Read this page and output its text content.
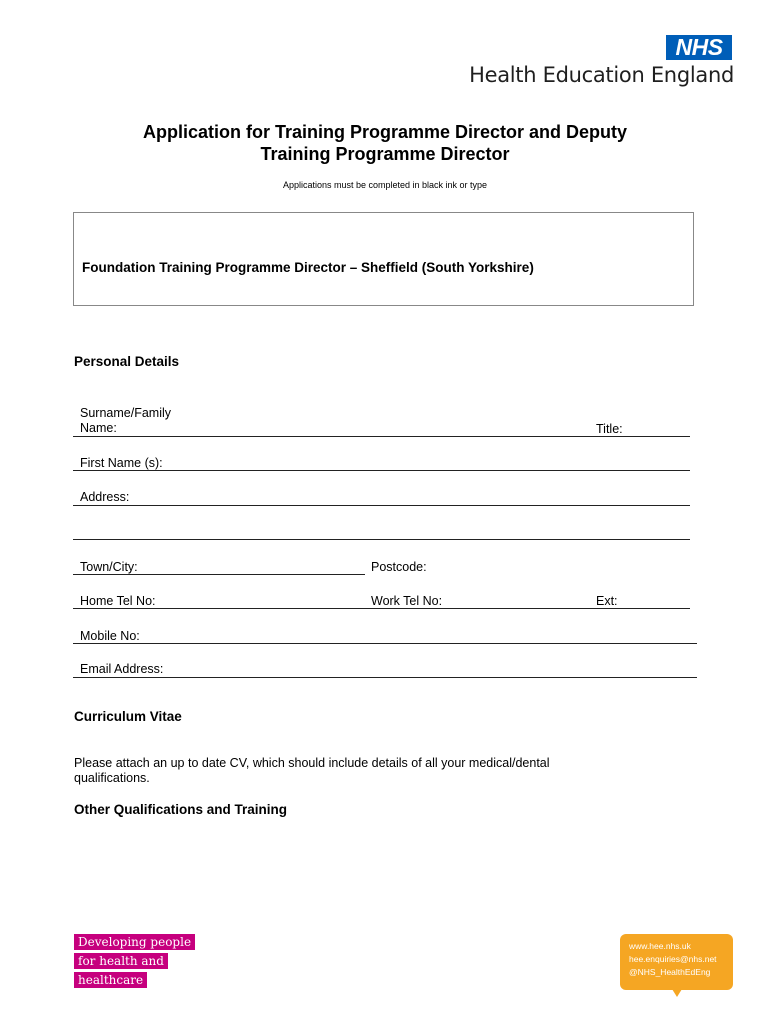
NHS
Health Education England
Application for Training Programme Director and Deputy
Training Programme Director
Applications must be completed in black ink or type
Foundation Training Programme Director – Sheffield (South Yorkshire)
Personal Details
Surname/Family
Name:	Title:
First Name (s):
Address:
Town/City:	Postcode:
Home Tel No:	Work Tel No:	Ext:
Mobile No:
Email Address:
Curriculum Vitae
Please attach an up to date CV, which should include details of all your medical/dental
qualifications.
Other Qualifications and Training
Developing people
for health and
healthcare
www.hee.nhs.uk
hee.enquiries@nhs.net
@NHS_HealthEdEng
